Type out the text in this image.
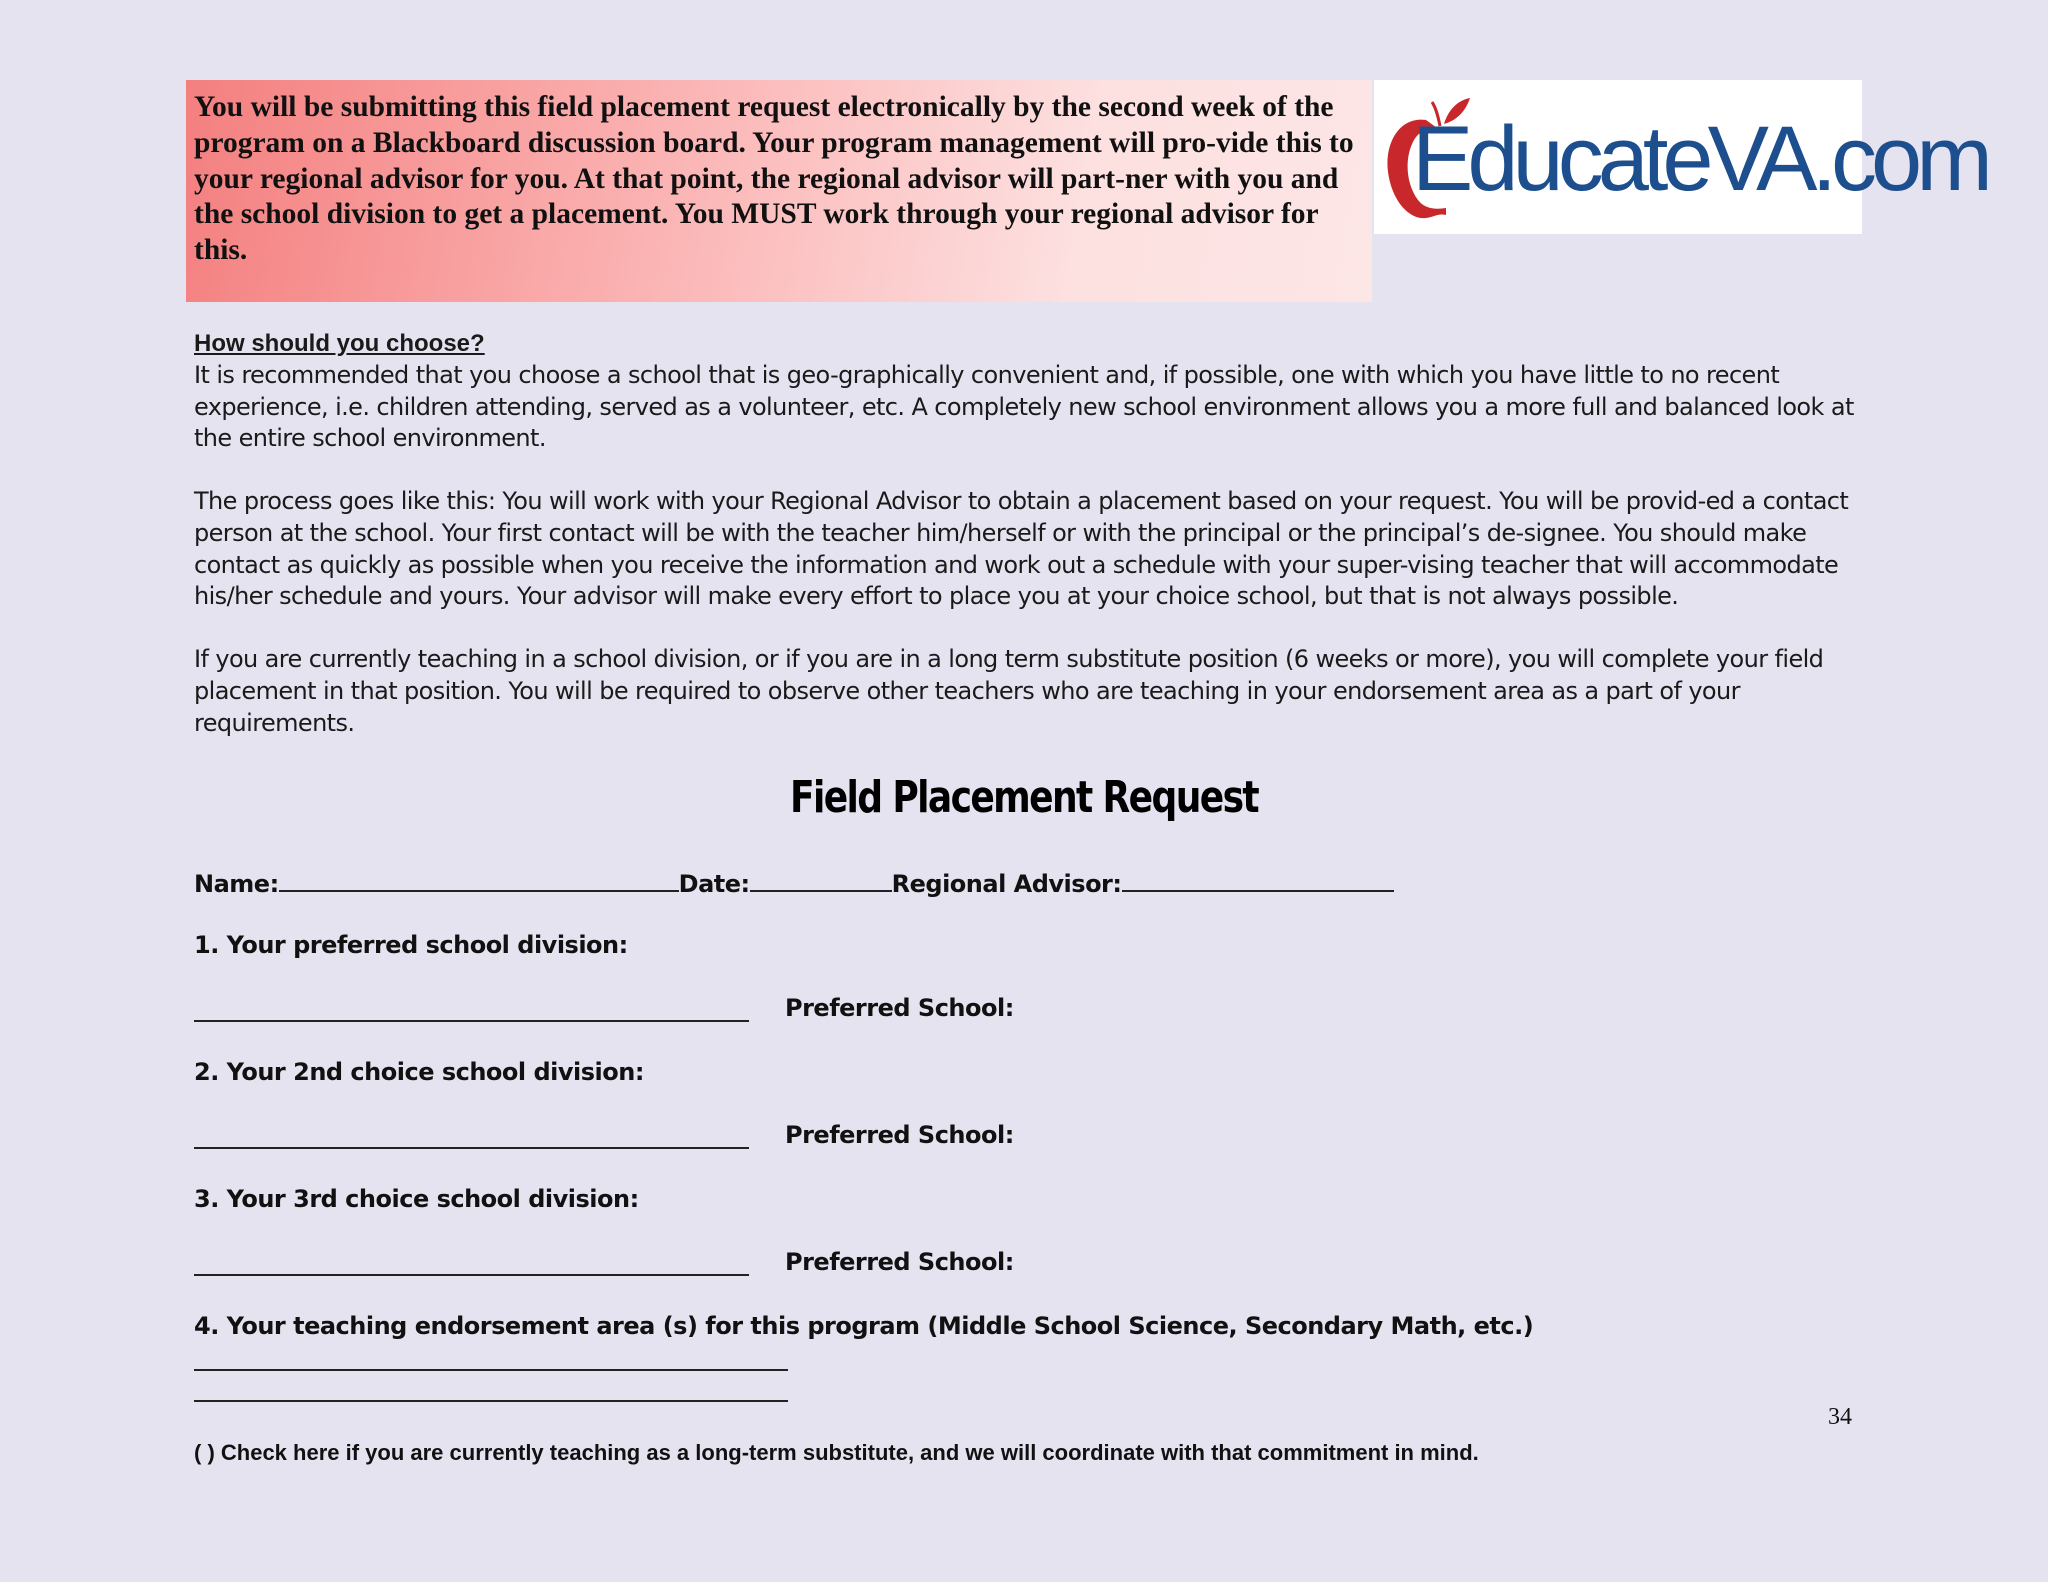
You will be submitting this field placement request electronically by the second week of the program on a Blackboard discussion board. Your program management will pro-vide this to your regional advisor for you. At that point, the regional advisor will part-ner with you and the school division to get a placement. You MUST work through your regional advisor for this.

EducateVA.com

How should you choose?

It is recommended that you choose a school that is geo-graphically convenient and, if possible, one with which you have little to no recent experience, i.e. children attending, served as a volunteer, etc. A completely new school environment allows you a more full and balanced look at the entire school environment.

The process goes like this: You will work with your Regional Advisor to obtain a placement based on your request. You will be provid-ed a contact person at the school. Your first contact will be with the teacher him/herself or with the principal or the principal’s de-signee. You should make contact as quickly as possible when you receive the information and work out a schedule with your super-vising teacher that will accommodate his/her schedule and yours. Your advisor will make every effort to place you at your choice school, but that is not always possible.

If you are currently teaching in a school division, or if you are in a long term substitute position (6 weeks or more), you will complete your field placement in that position. You will be required to observe other teachers who are teaching in your endorsement area as a part of your requirements.

Field Placement Request
Name:	Date:	Regional Advisor:
1. Your preferred school division:
Preferred School:
2. Your 2nd choice school division:
Preferred School:
3. Your 3rd choice school division:
Preferred School:
4. Your teaching endorsement area (s) for this program (Middle School Science, Secondary Math, etc.)
34
( ) Check here if you are currently teaching as a long-term substitute, and we will coordinate with that commitment in mind.
